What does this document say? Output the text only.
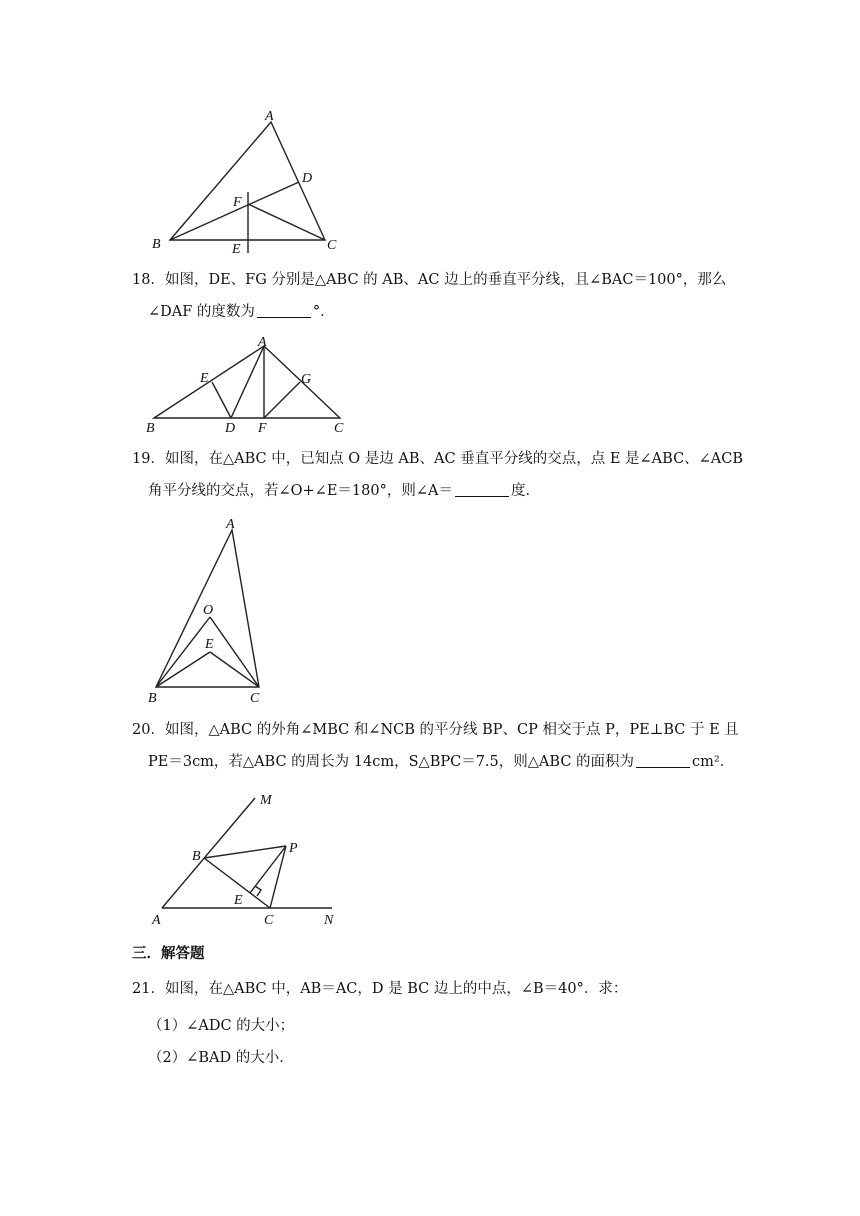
A
B	C
D
E
F
18．如图，DE、FG 分别是△ABC 的 AB、AC 边上的垂直平分线，且∠BAC＝100°，那么
∠DAF 的度数为	°．
A
B	C
D
E
F
G
19．如图，在△ABC 中，已知点 O 是边 AB、AC 垂直平分线的交点，点 E 是∠ABC、∠ACB
角平分线的交点，若∠O+∠E＝180°，则∠A＝	度．
A
O
E
B	C
20．如图，△ABC 的外角∠MBC 和∠NCB 的平分线 BP、CP 相交于点 P，PE⊥BC 于 E 且
PE＝3cm，若△ABC 的周长为 14cm，S△BPC＝7.5，则△ABC 的面积为	cm²．
M
B
P
E
A	C	N
三．解答题
21．如图，在△ABC 中，AB＝AC，D 是 BC 边上的中点，∠B＝40°．求：
（1）∠ADC 的大小；
（2）∠BAD 的大小．
